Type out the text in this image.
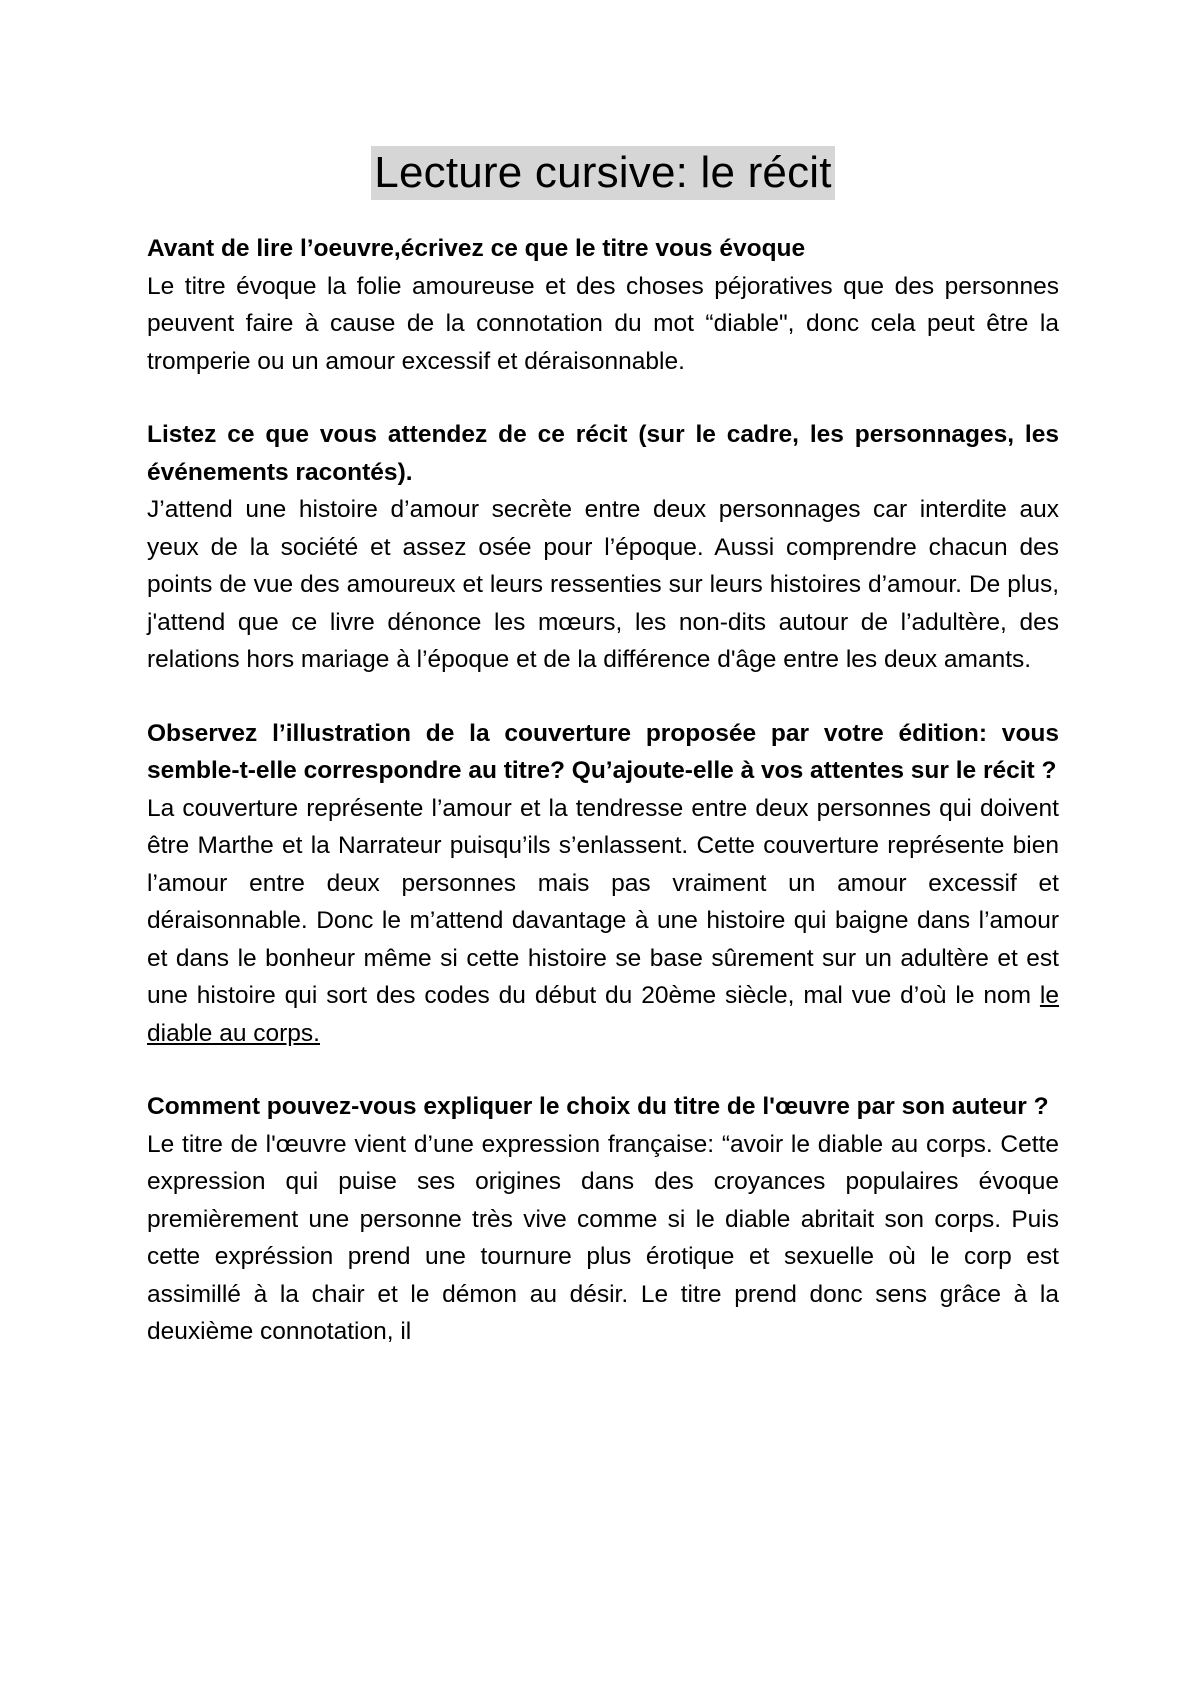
Lecture cursive: le récit

Avant de lire l’oeuvre,écrivez ce que le titre vous évoque

Le titre évoque la folie amoureuse et des choses péjoratives que des personnes peuvent faire à cause de la connotation du mot “diable", donc cela peut être la tromperie ou un amour excessif et déraisonnable.

Listez ce que vous attendez de ce récit (sur le cadre, les personnages, les événements racontés).

J’attend une histoire d’amour secrète entre deux personnages car interdite aux yeux de la société et assez osée pour l’époque. Aussi comprendre chacun des points de vue des amoureux et leurs ressenties sur leurs histoires d’amour. De plus, j'attend que ce livre dénonce les mœurs, les non-dits autour de l’adultère, des relations hors mariage à l’époque et de la différence d'âge entre les deux amants.

Observez l’illustration de la couverture proposée par votre édition: vous semble-t-elle correspondre au titre? Qu’ajoute-elle à vos attentes sur le récit ?

La couverture représente l’amour et la tendresse entre deux personnes qui doivent être Marthe et la Narrateur puisqu’ils s’enlassent. Cette couverture représente bien l’amour entre deux personnes mais pas vraiment un amour excessif et déraisonnable. Donc le m’attend davantage à une histoire qui baigne dans l’amour et dans le bonheur même si cette histoire se base sûrement sur un adultère et est une histoire qui sort des codes du début du 20ème siècle, mal vue d’où le nom le diable au corps.

Comment pouvez-vous expliquer le choix du titre de l'œuvre par son auteur ?

Le titre de l'œuvre vient d’une expression française: “avoir le diable au corps. Cette expression qui puise ses origines dans des croyances populaires évoque premièrement une personne très vive comme si le diable abritait son corps. Puis cette expréssion prend une tournure plus érotique et sexuelle où le corp est assimillé à la chair et le démon au désir. Le titre prend donc sens grâce à la deuxième connotation, il
